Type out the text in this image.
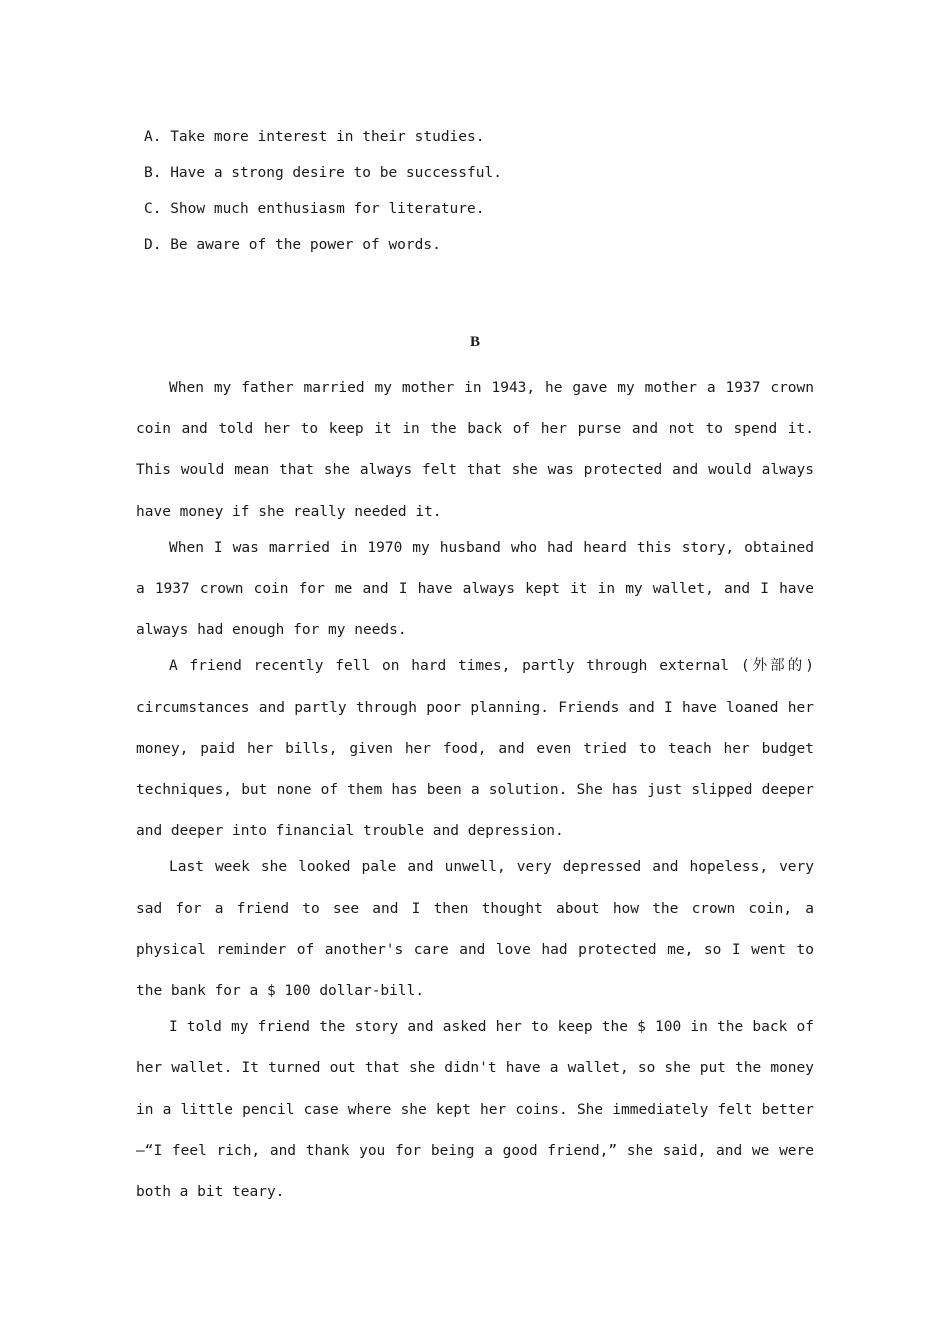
A. Take more interest in their studies.
B. Have a strong desire to be successful.
C. Show much enthusiasm for literature.
D. Be aware of the power of words.
B

When my father married my mother in 1943, he gave my mother a 1937 crown coin and told her to keep it in the back of her purse and not to spend it. This would mean that she always felt that she was protected and would always have money if she really needed it.

When I was married in 1970 my husband who had heard this story, obtained a 1937 crown coin for me and I have always kept it in my wallet, and I have always had enough for my needs.

A friend recently fell on hard times, partly through external (外部的) circumstances and partly through poor planning. Friends and I have loaned her money, paid her bills, given her food, and even tried to teach her budget techniques, but none of them has been a solution. She has just slipped deeper and deeper into financial trouble and depression.

Last week she looked pale and unwell, very depressed and hopeless, very sad for a friend to see and I then thought about how the crown coin, a physical reminder of another's care and love had protected me, so I went to the bank for a $ 100 dollar-bill.

I told my friend the story and asked her to keep the $ 100 in the back of her wallet. It turned out that she didn't have a wallet, so she put the money in a little pencil case where she kept her coins. She immediately felt better—“I feel rich, and thank you for being a good friend,” she said, and we were both a bit teary.
